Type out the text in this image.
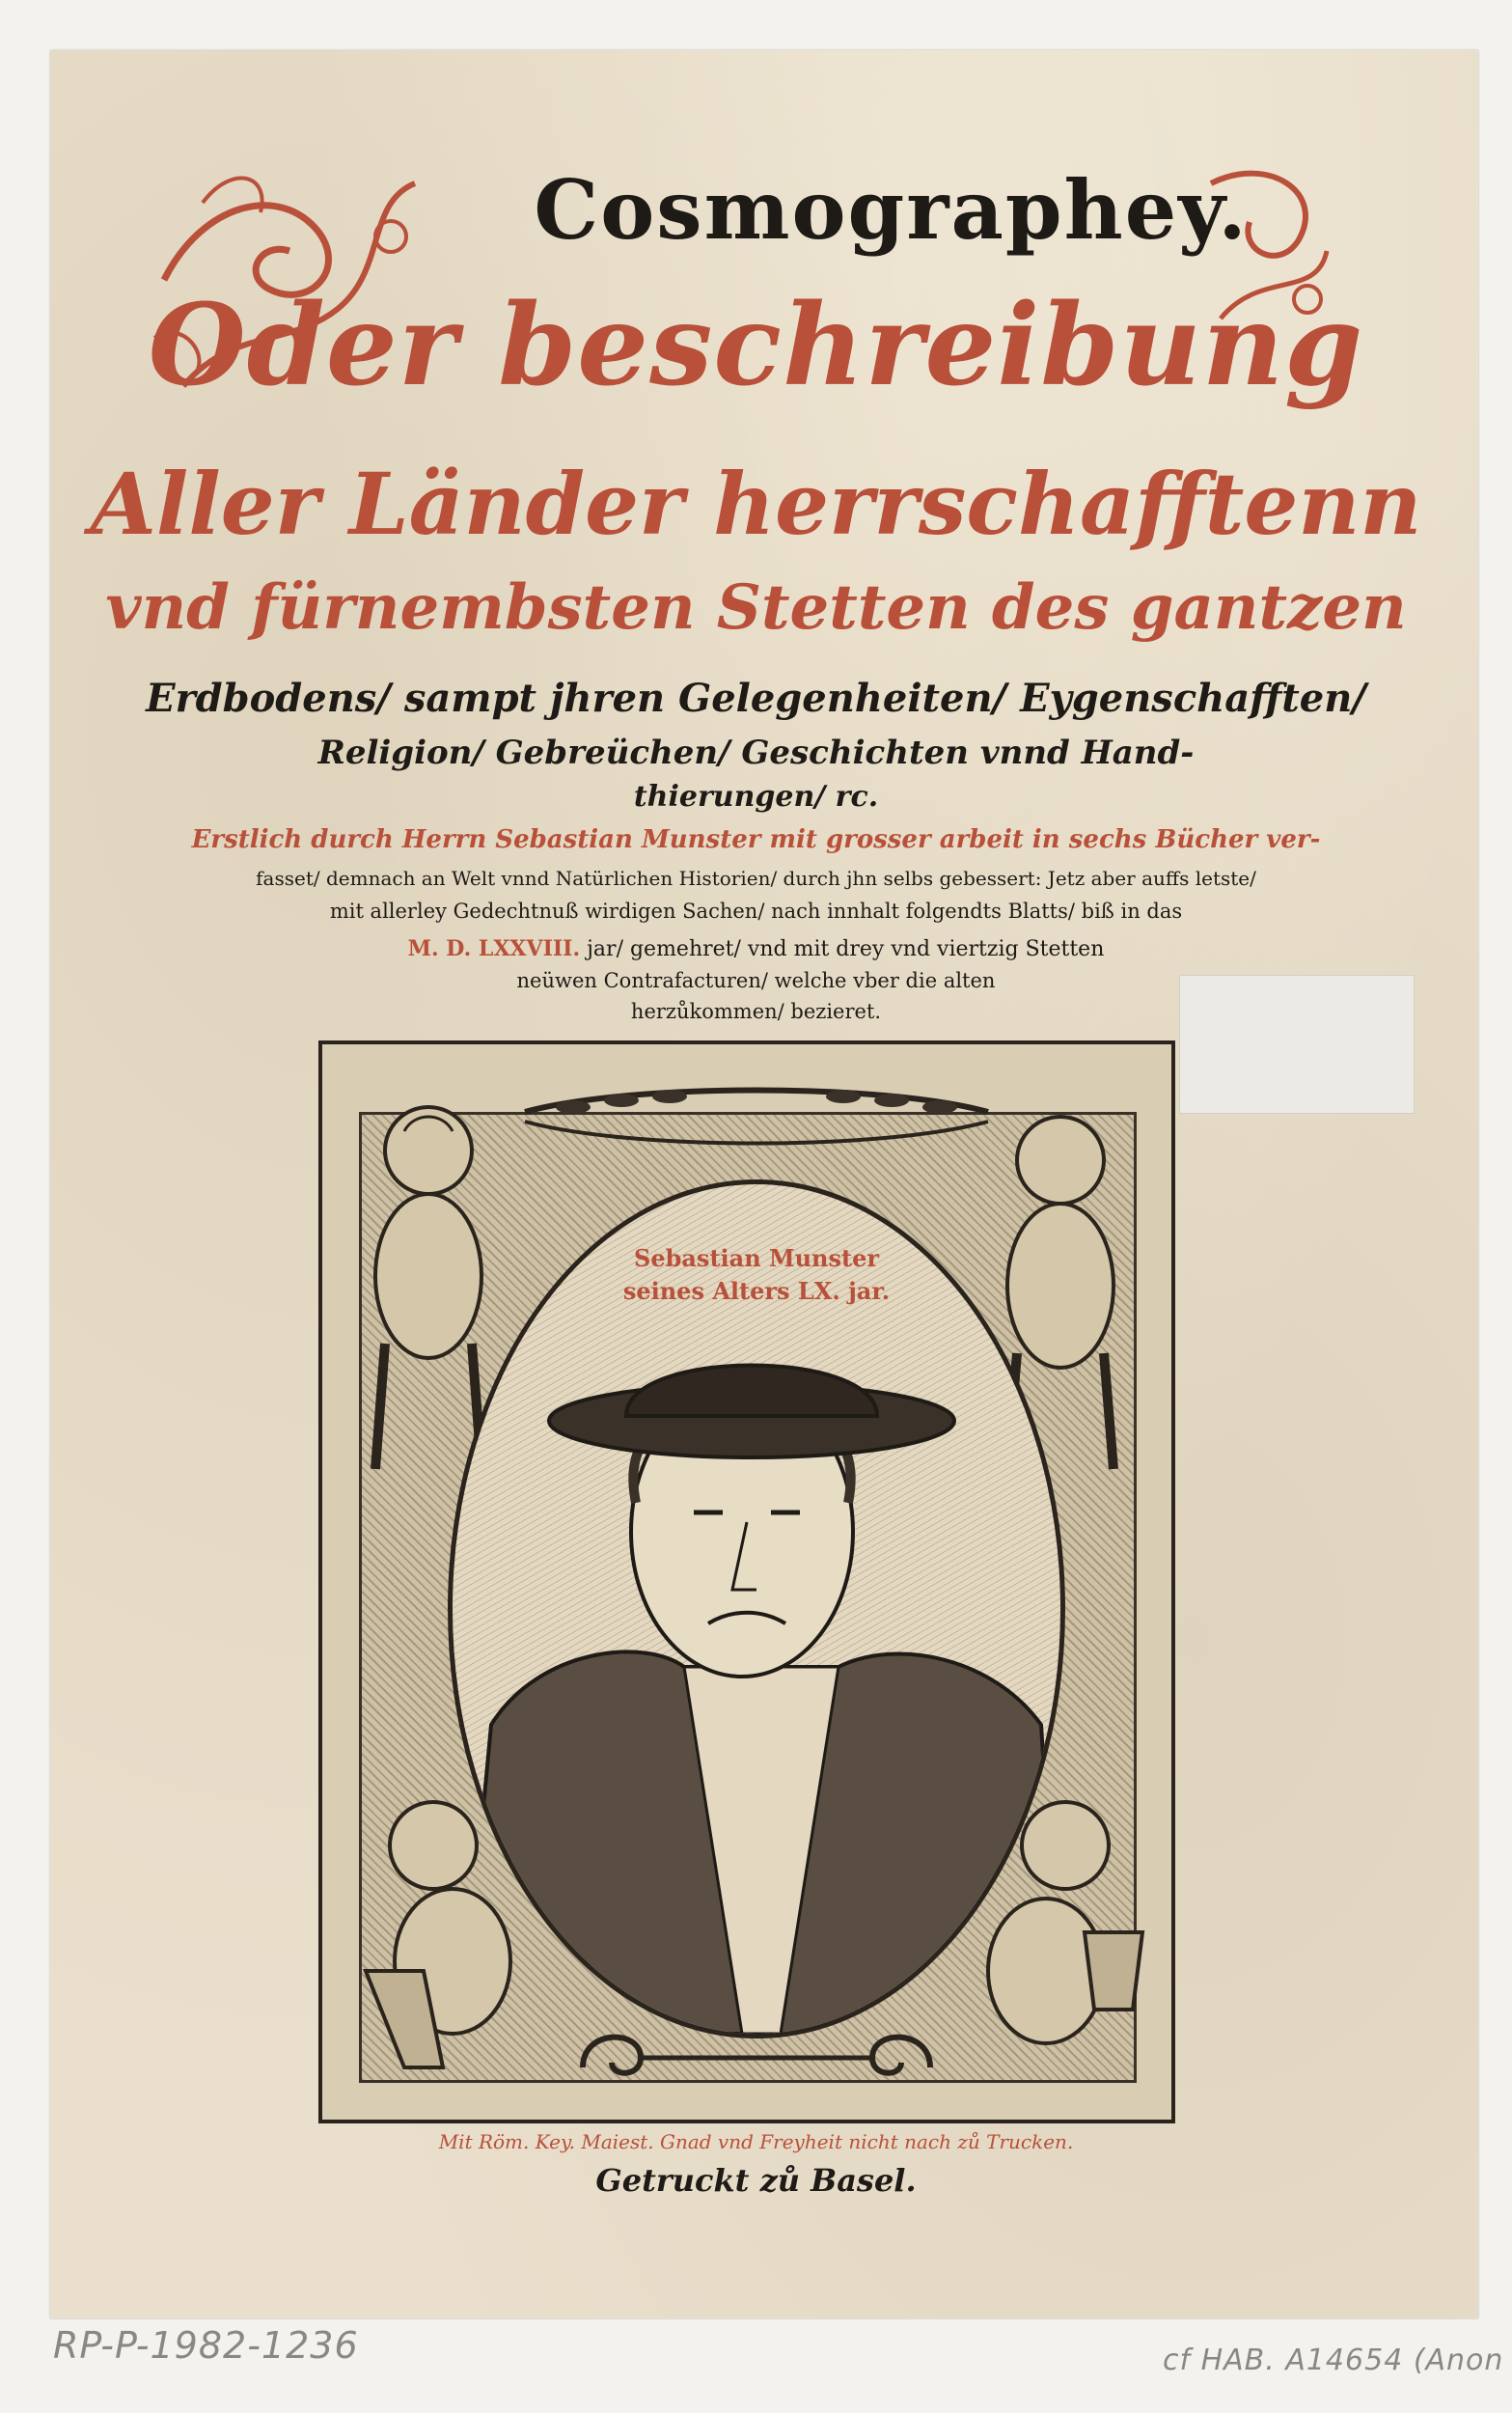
Cosmographey.
Oder beschreibung
Aller Länder herrschafftenn
vnd fürnembsten Stetten des gantzen
Erdbodens/ sampt jhren Gelegenheiten/ Eygenschafften/
Religion/ Gebreüchen/ Geschichten vnnd Hand-
thierungen/ rc.
Erstlich durch Herrn Sebastian Munster mit grosser arbeit in sechs Bücher ver-
fasset/ demnach an Welt vnnd Natürlichen Historien/ durch jhn selbs gebessert: Jetz aber auffs letste/
mit allerley Gedechtnuß wirdigen Sachen/ nach innhalt folgendts Blatts/ biß in das
M. D. LXXVIII. jar/ gemehret/ vnd mit drey vnd viertzig Stetten
neüwen Contrafacturen/ welche vber die alten
herzůkommen/ bezieret.
Sebastian Munster
seines Alters LX. jar.
Mit Röm. Key. Maiest. Gnad vnd Freyheit nicht nach zů Trucken.
Getruckt zů Basel.
RP-P-1982-1236	cf HAB. A14654 (Anon
